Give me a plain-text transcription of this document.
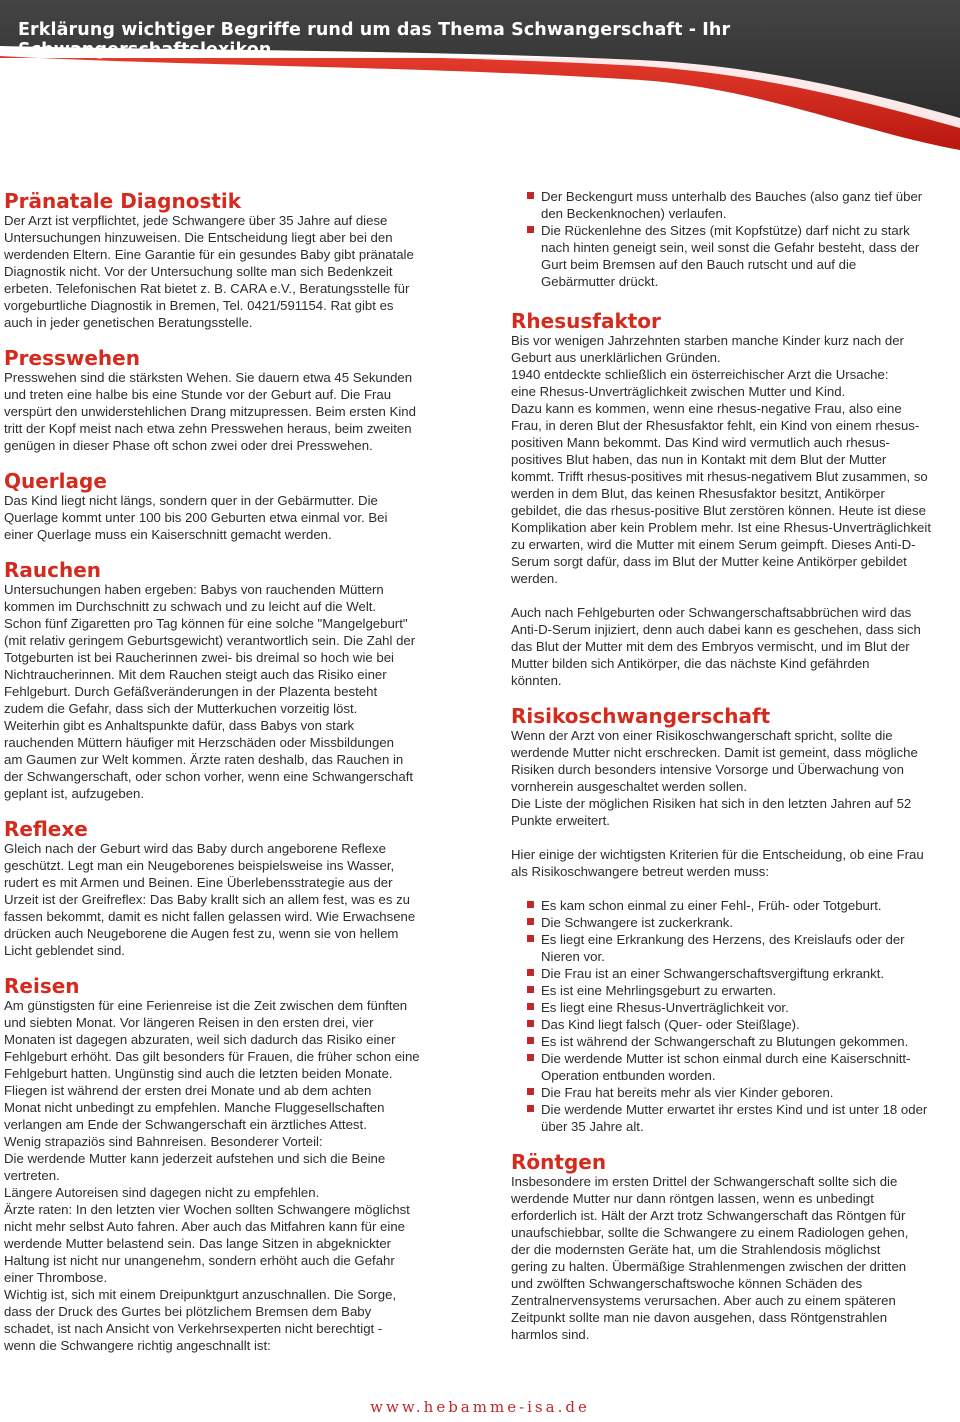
Erklärung wichtiger Begriffe rund um das Thema Schwangerschaft - Ihr Schwangerschaftslexikon.
Pränatale Diagnostik
Der Arzt ist verpflichtet, jede Schwangere über 35 Jahre auf diese
Untersuchungen hinzuweisen. Die Entscheidung liegt aber bei den
werdenden Eltern. Eine Garantie für ein gesundes Baby gibt pränatale
Diagnostik nicht. Vor der Untersuchung sollte man sich Bedenkzeit
erbeten. Telefonischen Rat bietet z. B. CARA e.V., Beratungsstelle für
vorgeburtliche Diagnostik in Bremen, Tel. 0421/591154. Rat gibt es
auch in jeder genetischen Beratungsstelle.
Presswehen
Presswehen sind die stärksten Wehen. Sie dauern etwa 45 Sekunden
und treten eine halbe bis eine Stunde vor der Geburt auf. Die Frau
verspürt den unwiderstehlichen Drang mitzupressen. Beim ersten Kind
tritt der Kopf meist nach etwa zehn Presswehen heraus, beim zweiten
genügen in dieser Phase oft schon zwei oder drei Presswehen.
Querlage
Das Kind liegt nicht längs, sondern quer in der Gebärmutter. Die
Querlage kommt unter 100 bis 200 Geburten etwa einmal vor. Bei
einer Querlage muss ein Kaiserschnitt gemacht werden.
Rauchen
Untersuchungen haben ergeben: Babys von rauchenden Müttern
kommen im Durchschnitt zu schwach und zu leicht auf die Welt.
Schon fünf Zigaretten pro Tag können für eine solche "Mangelgeburt"
(mit relativ geringem Geburtsgewicht) verantwortlich sein. Die Zahl der
Totgeburten ist bei Raucherinnen zwei- bis dreimal so hoch wie bei
Nichtraucherinnen. Mit dem Rauchen steigt auch das Risiko einer
Fehlgeburt. Durch Gefäßveränderungen in der Plazenta besteht
zudem die Gefahr, dass sich der Mutterkuchen vorzeitig löst.
Weiterhin gibt es Anhaltspunkte dafür, dass Babys von stark
rauchenden Müttern häufiger mit Herzschäden oder Missbildungen
am Gaumen zur Welt kommen. Ärzte raten deshalb, das Rauchen in
der Schwangerschaft, oder schon vorher, wenn eine Schwangerschaft
geplant ist, aufzugeben.
Reflexe
Gleich nach der Geburt wird das Baby durch angeborene Reflexe
geschützt. Legt man ein Neugeborenes beispielsweise ins Wasser,
rudert es mit Armen und Beinen. Eine Überlebensstrategie aus der
Urzeit ist der Greifreflex: Das Baby krallt sich an allem fest, was es zu
fassen bekommt, damit es nicht fallen gelassen wird. Wie Erwachsene
drücken auch Neugeborene die Augen fest zu, wenn sie von hellem
Licht geblendet sind.
Reisen
Am günstigsten für eine Ferienreise ist die Zeit zwischen dem fünften
und siebten Monat. Vor längeren Reisen in den ersten drei, vier
Monaten ist dagegen abzuraten, weil sich dadurch das Risiko einer
Fehlgeburt erhöht. Das gilt besonders für Frauen, die früher schon eine
Fehlgeburt hatten. Ungünstig sind auch die letzten beiden Monate.
Fliegen ist während der ersten drei Monate und ab dem achten
Monat nicht unbedingt zu empfehlen. Manche Fluggesellschaften
verlangen am Ende der Schwangerschaft ein ärztliches Attest.
Wenig strapaziös sind Bahnreisen. Besonderer Vorteil:
Die werdende Mutter kann jederzeit aufstehen und sich die Beine
vertreten.
Längere Autoreisen sind dagegen nicht zu empfehlen.
Ärzte raten: In den letzten vier Wochen sollten Schwangere möglichst
nicht mehr selbst Auto fahren. Aber auch das Mitfahren kann für eine
werdende Mutter belastend sein. Das lange Sitzen in abgeknickter
Haltung ist nicht nur unangenehm, sondern erhöht auch die Gefahr
einer Thrombose.
Wichtig ist, sich mit einem Dreipunktgurt anzuschnallen. Die Sorge,
dass der Druck des Gurtes bei plötzlichem Bremsen dem Baby
schadet, ist nach Ansicht von Verkehrsexperten nicht berechtigt -
wenn die Schwangere richtig angeschnallt ist:
Der Beckengurt muss unterhalb des Bauches (also ganz tief über
den Beckenknochen) verlaufen.
Die Rückenlehne des Sitzes (mit Kopfstütze) darf nicht zu stark
nach hinten geneigt sein, weil sonst die Gefahr besteht, dass der
Gurt beim Bremsen auf den Bauch rutscht und auf die
Gebärmutter drückt.
Rhesusfaktor
Bis vor wenigen Jahrzehnten starben manche Kinder kurz nach der
Geburt aus unerklärlichen Gründen.
1940 entdeckte schließlich ein österreichischer Arzt die Ursache:
eine Rhesus-Unverträglichkeit zwischen Mutter und Kind.
Dazu kann es kommen, wenn eine rhesus-negative Frau, also eine
Frau, in deren Blut der Rhesusfaktor fehlt, ein Kind von einem rhesus-
positiven Mann bekommt. Das Kind wird vermutlich auch rhesus-
positives Blut haben, das nun in Kontakt mit dem Blut der Mutter
kommt. Trifft rhesus-positives mit rhesus-negativem Blut zusammen, so
werden in dem Blut, das keinen Rhesusfaktor besitzt, Antikörper
gebildet, die das rhesus-positive Blut zerstören können. Heute ist diese
Komplikation aber kein Problem mehr. Ist eine Rhesus-Unverträglichkeit
zu erwarten, wird die Mutter mit einem Serum geimpft. Dieses Anti-D-
Serum sorgt dafür, dass im Blut der Mutter keine Antikörper gebildet
werden.
Auch nach Fehlgeburten oder Schwangerschaftsabbrüchen wird das
Anti-D-Serum injiziert, denn auch dabei kann es geschehen, dass sich
das Blut der Mutter mit dem des Embryos vermischt, und im Blut der
Mutter bilden sich Antikörper, die das nächste Kind gefährden
könnten.
Risikoschwangerschaft
Wenn der Arzt von einer Risikoschwangerschaft spricht, sollte die
werdende Mutter nicht erschrecken. Damit ist gemeint, dass mögliche
Risiken durch besonders intensive Vorsorge und Überwachung von
vornherein ausgeschaltet werden sollen.
Die Liste der möglichen Risiken hat sich in den letzten Jahren auf 52
Punkte erweitert.
Hier einige der wichtigsten Kriterien für die Entscheidung, ob eine Frau
als Risikoschwangere betreut werden muss:
Es kam schon einmal zu einer Fehl-, Früh- oder Totgeburt.
Die Schwangere ist zuckerkrank.
Es liegt eine Erkrankung des Herzens, des Kreislaufs oder der
Nieren vor.
Die Frau ist an einer Schwangerschaftsvergiftung erkrankt.
Es ist eine Mehrlingsgeburt zu erwarten.
Es liegt eine Rhesus-Unverträglichkeit vor.
Das Kind liegt falsch (Quer- oder Steißlage).
Es ist während der Schwangerschaft zu Blutungen gekommen.
Die werdende Mutter ist schon einmal durch eine Kaiserschnitt-
Operation entbunden worden.
Die Frau hat bereits mehr als vier Kinder geboren.
Die werdende Mutter erwartet ihr erstes Kind und ist unter 18 oder
über 35 Jahre alt.
Röntgen
Insbesondere im ersten Drittel der Schwangerschaft sollte sich die
werdende Mutter nur dann röntgen lassen, wenn es unbedingt
erforderlich ist. Hält der Arzt trotz Schwangerschaft das Röntgen für
unaufschiebbar, sollte die Schwangere zu einem Radiologen gehen,
der die modernsten Geräte hat, um die Strahlendosis möglichst
gering zu halten. Übermäßige Strahlenmengen zwischen der dritten
und zwölften Schwangerschaftswoche können Schäden des
Zentralnervensystems verursachen. Aber auch zu einem späteren
Zeitpunkt sollte man nie davon ausgehen, dass Röntgenstrahlen
harmlos sind.
www.hebamme-isa.de
